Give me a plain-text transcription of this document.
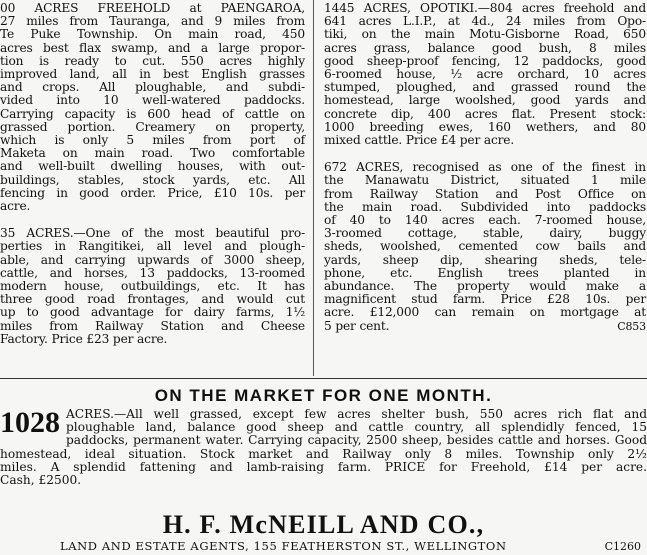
00 ACRES FREEHOLD at PAENGAROA,
27 miles from Tauranga, and 9 miles from
Te Puke Township. On main road, 450
acres best flax swamp, and a large propor-
tion is ready to cut. 550 acres highly
improved land, all in best English grasses
and crops. All ploughable, and subdi-
vided into 10 well-watered paddocks.
Carrying capacity is 600 head of cattle on
grassed portion. Creamery on property,
which is only 5 miles from port of
Maketa on main road. Two comfortable
and well-built dwelling houses, with out-
buildings, stables, stock yards, etc. All
fencing in good order. Price, £10 10s. per
acre.
35 ACRES.—One of the most beautiful pro-
perties in Rangitikei, all level and plough-
able, and carrying upwards of 3000 sheep,
cattle, and horses, 13 paddocks, 13-roomed
modern house, outbuildings, etc. It has
three good road frontages, and would cut
up to good advantage for dairy farms, 1½
miles from Railway Station and Cheese
Factory. Price £23 per acre.
1445 ACRES, OPOTIKI.—804 acres freehold and
641 acres L.I.P., at 4d., 24 miles from Opo-
tiki, on the main Motu-Gisborne Road, 650
acres grass, balance good bush, 8 miles
good sheep-proof fencing, 12 paddocks, good
6-roomed house, ½ acre orchard, 10 acres
stumped, ploughed, and grassed round the
homestead, large woolshed, good yards and
concrete dip, 400 acres flat. Present stock:
1000 breeding ewes, 160 wethers, and 80
mixed cattle. Price £4 per acre.
672 ACRES, recognised as one of the finest in
the Manawatu District, situated 1 mile
from Railway Station and Post Office on
the main road. Subdivided into paddocks
of 40 to 140 acres each. 7-roomed house,
3-roomed cottage, stable, dairy, buggy
sheds, woolshed, cemented cow bails and
yards, sheep dip, shearing sheds, tele-
phone, etc. English trees planted in
abundance. The property would make a
magnificent stud farm. Price £28 10s. per
acre. £12,000 can remain on mortgage at
5 per cent.	C853
ON THE MARKET FOR ONE MONTH.
1028 ACRES.—All well grassed, except few acres shelter bush, 550 acres rich flat and
ploughable land, balance good sheep and cattle country, all splendidly fenced, 15
paddocks, permanent water. Carrying capacity, 2500 sheep, besides cattle and horses. Good
homestead, ideal situation. Stock market and Railway only 8 miles. Township only 2½
miles. A splendid fattening and lamb-raising farm. PRICE for Freehold, £14 per acre.
Cash, £2500.
H. F. McNEILL AND CO.,
LAND AND ESTATE AGENTS, 155 FEATHERSTON ST., WELLINGTON	C1260
